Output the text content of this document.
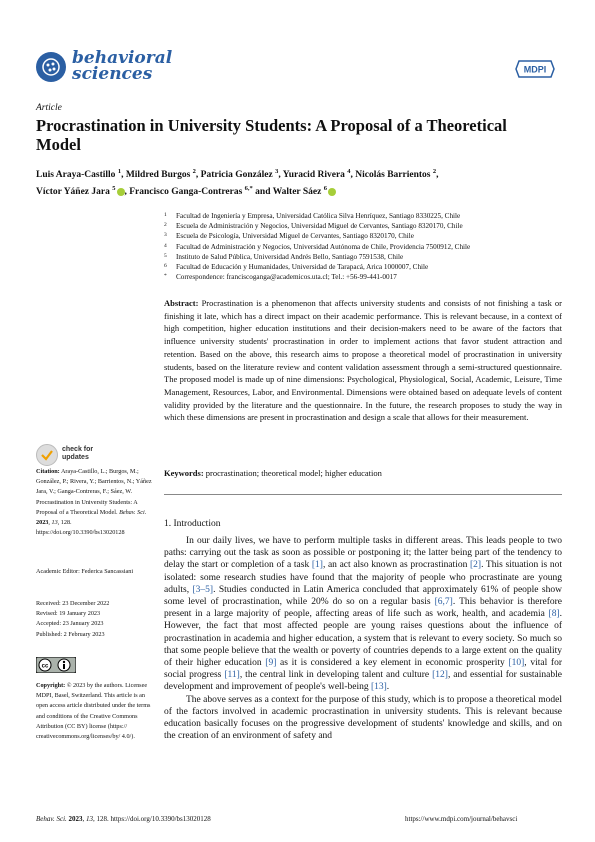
behavioral
sciences	MDPI
Article
Procrastination in University Students: A Proposal of a Theoretical Model
Luis Araya-Castillo $^1$, Mildred Burgos $^2$, Patricia González $^3$, Yuracid Rivera $^4$, Nicolás Barrientos $^2$,
Víctor Yáñez Jara $^5$ , Francisco Ganga-Contreras $^{6,*}$ and Walter Sáez $^6$
1 Facultad de Ingeniería y Empresa, Universidad Católica Silva Henríquez, Santiago 8330225, Chile
2 Escuela de Administración y Negocios, Universidad Miguel de Cervantes, Santiago 8320170, Chile
3 Escuela de Psicología, Universidad Miguel de Cervantes, Santiago 8320170, Chile
4 Facultad de Administración y Negocios, Universidad Autónoma de Chile, Providencia 7500912, Chile
5 Instituto de Salud Pública, Universidad Andrés Bello, Santiago 7591538, Chile
6 Facultad de Educación y Humanidades, Universidad de Tarapacá, Arica 1000007, Chile
* Correspondence: franciscoganga@academicos.uta.cl; Tel.: +56-99-441-0017
Abstract: Procrastination is a phenomenon that affects university students and consists of not finishing a task or finishing it late, which has a direct impact on their academic performance. This is relevant because, in a context of high competition, higher education institutions and their decision-makers need to be aware of the factors that influence university students' procrastination in order to implement actions that favor student attraction and retention. Based on the above, this research aims to propose a theoretical model of procrastination in university students, based on the literature review and content validation assessment through a semi-structured questionnaire. The proposed model is made up of nine dimensions: Psychological, Physiological, Social, Academic, Leisure, Time Management, Resources, Labor, and Environmental. Dimensions were obtained based on adequate levels of content validity provided by the literature and the questionnaire. In the future, the research proposes to study the way in which these dimensions are present in procrastination and design a scale that allows for their measurement.
Keywords: procrastination; theoretical model; higher education
check for
updates
Citation: Araya-Castillo, L.; Burgos, M.; González, P.; Rivera, Y.; Barrientos, N.; Yáñez Jara, V.; Ganga-Contreras, F.; Sáez, W. Procrastination in University Students: A Proposal of a Theoretical Model. Behav. Sci. 2023, 13, 128. https://doi.org/10.3390/bs13020128
Academic Editor: Federica Sancassiani
Received: 23 December 2022
Revised: 19 January 2023
Accepted: 23 January 2023
Published: 2 February 2023
cc
Copyright: © 2023 by the authors. Licensee MDPI, Basel, Switzerland. This article is an open access article distributed under the terms and conditions of the Creative Commons Attribution (CC BY) license (https:// creativecommons.org/licenses/by/ 4.0/).
1. Introduction

In our daily lives, we have to perform multiple tasks in different areas. This leads people to two paths: carrying out the task as soon as possible or postponing it; the latter being part of the tendency to delay the start or completion of a task [1], an act also known as procrastination [2]. This situation is not isolated: some research studies have found that the majority of people who procrastinate are young adults, [3–5]. Studies conducted in Latin America concluded that approximately 61% of people show some level of procrastination, while 20% do so on a regular basis [6,7]. This behavior is therefore present in a large majority of people, affecting areas of life such as work, health, and academia [8]. However, the fact that most affected people are young raises questions about the influence of procrastination in academia and higher education, a system that is relevant to every society. So much so that some people believe that the wealth or poverty of countries depends to a large extent on the quality of their higher education [9] as it is considered a key element in economic prosperity [10], vital for social progress [11], the central link in developing talent and culture [12], and essential for sustainable development and improvement of people's well-being [13].

The above serves as a context for the purpose of this study, which is to propose a theoretical model of the factors involved in academic procrastination in university students. This is relevant because education basically focuses on the progressive development of students' knowledge and skills, and on the creation of an environment of safety and

Behav. Sci. 2023, 13, 128. https://doi.org/10.3390/bs13020128	https://www.mdpi.com/journal/behavsci
